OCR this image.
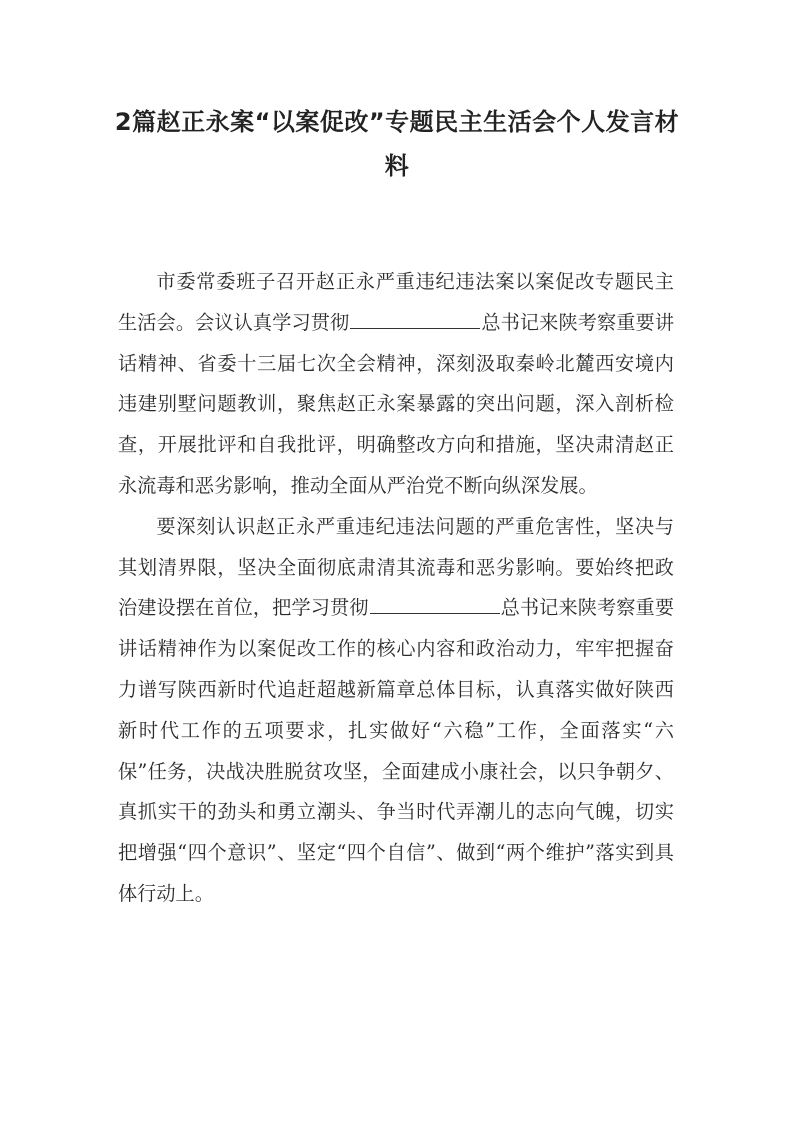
2篇赵正永案“以案促改”专题民主生活会个人发言材料

市委常委班子召开赵正永严重违纪违法案以案促改专题民主生活会。会议认真学习贯彻	总书记来陕考察重要讲话精神、省委十三届七次全会精神，深刻汲取秦岭北麓西安境内违建别墅问题教训，聚焦赵正永案暴露的突出问题，深入剖析检查，开展批评和自我批评，明确整改方向和措施，坚决肃清赵正永流毒和恶劣影响，推动全面从严治党不断向纵深发展。

要深刻认识赵正永严重违纪违法问题的严重危害性，坚决与其划清界限，坚决全面彻底肃清其流毒和恶劣影响。要始终把政治建设摆在首位，把学习贯彻	总书记来陕考察重要讲话精神作为以案促改工作的核心内容和政治动力，牢牢把握奋力谱写陕西新时代追赶超越新篇章总体目标，认真落实做好陕西新时代工作的五项要求，扎实做好“六稳”工作，全面落实“六保”任务，决战决胜脱贫攻坚，全面建成小康社会，以只争朝夕、真抓实干的劲头和勇立潮头、争当时代弄潮儿的志向气魄，切实把增强“四个意识”、坚定“四个自信”、做到“两个维护”落实到具体行动上。
